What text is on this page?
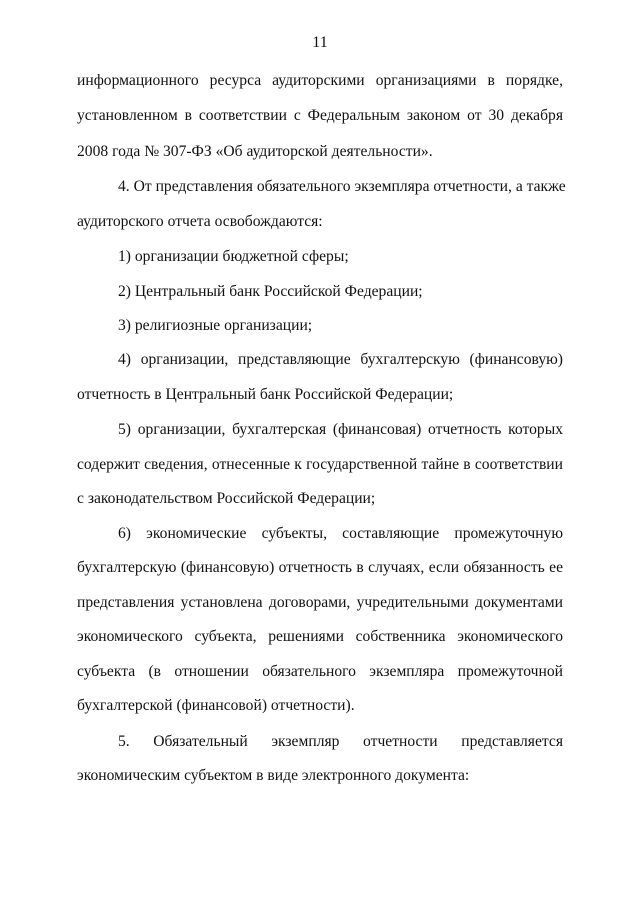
11
информационного ресурса аудиторскими организациями в порядке,
установленном в соответствии с Федеральным законом от 30 декабря
2008 года № 307-ФЗ «Об аудиторской деятельности».
4. От представления обязательного экземпляра отчетности, а также
аудиторского отчета освобождаются:
1) организации бюджетной сферы;
2) Центральный банк Российской Федерации;
3) религиозные организации;
4) организации, представляющие бухгалтерскую (финансовую)
отчетность в Центральный банк Российской Федерации;
5) организации, бухгалтерская (финансовая) отчетность которых
содержит сведения, отнесенные к государственной тайне в соответствии
с законодательством Российской Федерации;
6) экономические субъекты, составляющие промежуточную
бухгалтерскую (финансовую) отчетность в случаях, если обязанность ее
представления установлена договорами, учредительными документами
экономического субъекта, решениями собственника экономического
субъекта (в отношении обязательного экземпляра промежуточной
бухгалтерской (финансовой) отчетности).
5. Обязательный экземпляр отчетности представляется
экономическим субъектом в виде электронного документа:
